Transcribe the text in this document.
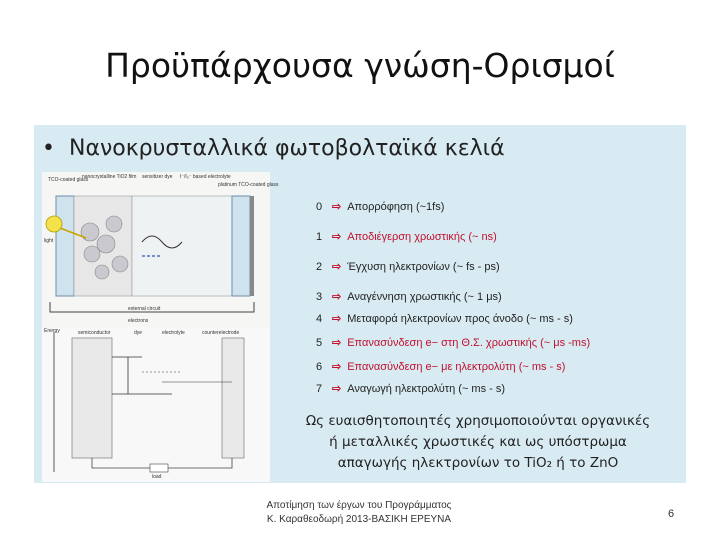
Προϋπάρχουσα γνώση-Ορισμοί
• Νανοκρυσταλλικά φωτοβολταϊκά κελιά
TCO-coated glass
nanocrystalline TiO2 film sensitizer dye I⁻/I₃⁻ based electrolyte
platinum TCO-coated glass
light
external circuit
electrons
Energy	semiconductor	dye	electrolyte	counterelectrode
load
0 ⇨ Απορρόφηση (~1fs)
1 ⇨ Αποδιέγερση χρωστικής (~ ns)
2 ⇨ Έγχυση ηλεκτρονίων (~ fs - ps)
3 ⇨ Αναγέννηση χρωστικής (~ 1 μs)
4 ⇨ Μεταφορά ηλεκτρονίων προς άνοδο (~ ms - s)
5 ⇨ Επανασύνδεση e− στη Θ.Σ. χρωστικής (~ μs -ms)
6 ⇨ Επανασύνδεση e− με ηλεκτρολύτη (~ ms - s)
7 ⇨ Αναγωγή ηλεκτρολύτη (~ ms - s)
Ως ευαισθητοποιητές χρησιμοποιούνται οργανικές
ή μεταλλικές χρωστικές και ως υπόστρωμα
απαγωγής ηλεκτρονίων το TiO₂ ή το ZnO
Αποτίμηση των έργων του Προγράμματος
Κ. Καραθεοδωρή 2013-ΒΑΣΙΚΗ ΕΡΕΥΝΑ	6
